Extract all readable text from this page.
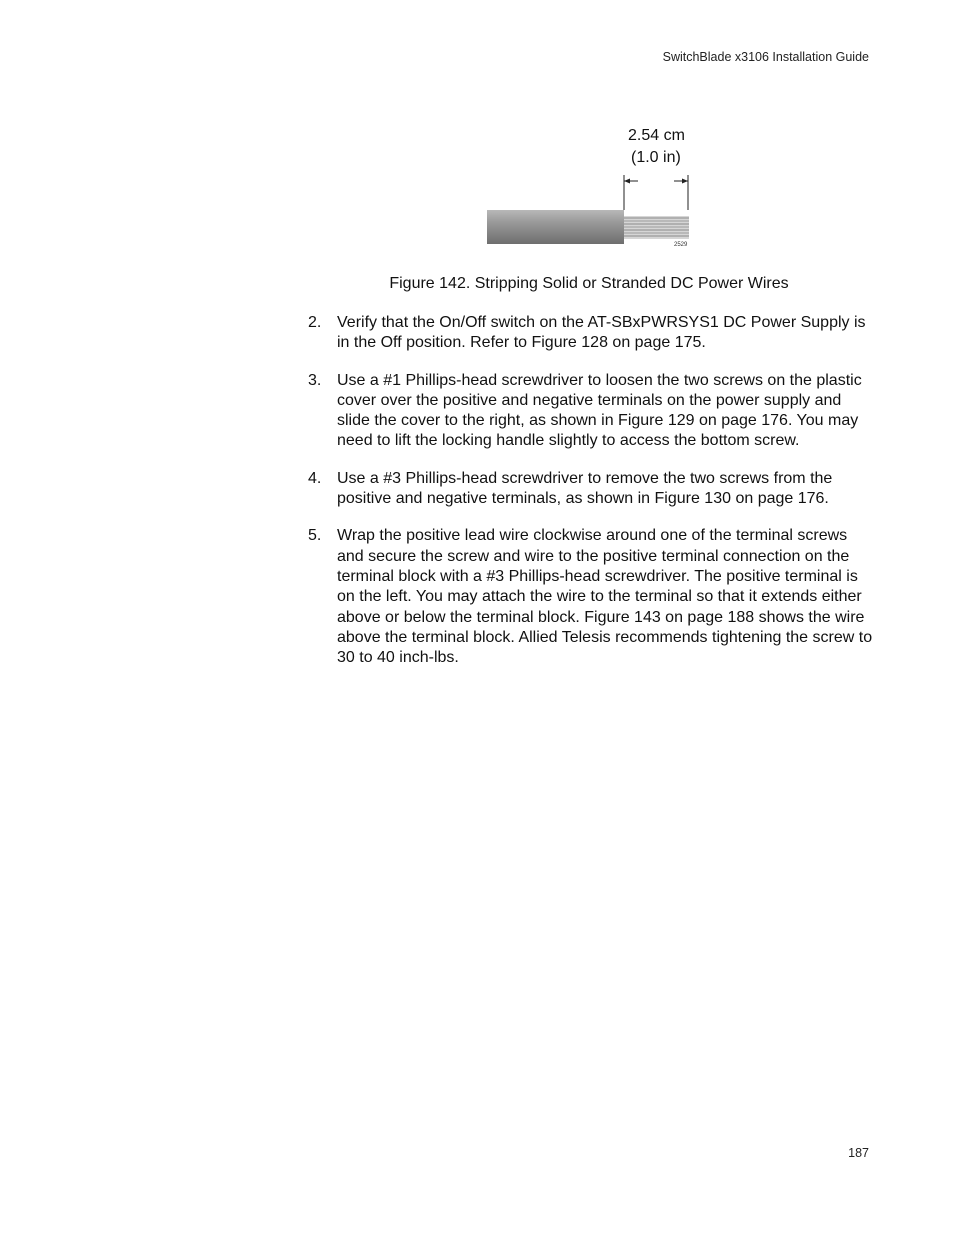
SwitchBlade x3106 Installation Guide
2.54 cm
(1.0 in)
2529
Figure 142. Stripping Solid or Stranded DC Power Wires
2. Verify that the On/Off switch on the AT-SBxPWRSYS1 DC Power Supply is in the Off position. Refer to Figure 128 on page 175.
3. Use a #1 Phillips-head screwdriver to loosen the two screws on the plastic cover over the positive and negative terminals on the power supply and slide the cover to the right, as shown in Figure 129 on page 176. You may need to lift the locking handle slightly to access the bottom screw.
4. Use a #3 Phillips-head screwdriver to remove the two screws from the positive and negative terminals, as shown in Figure 130 on page 176.
5. Wrap the positive lead wire clockwise around one of the terminal screws and secure the screw and wire to the positive terminal connection on the terminal block with a #3 Phillips-head screwdriver. The positive terminal is on the left. You may attach the wire to the terminal so that it extends either above or below the terminal block. Figure 143 on page 188 shows the wire above the terminal block. Allied Telesis recommends tightening the screw to 30 to 40 inch-lbs.
187
